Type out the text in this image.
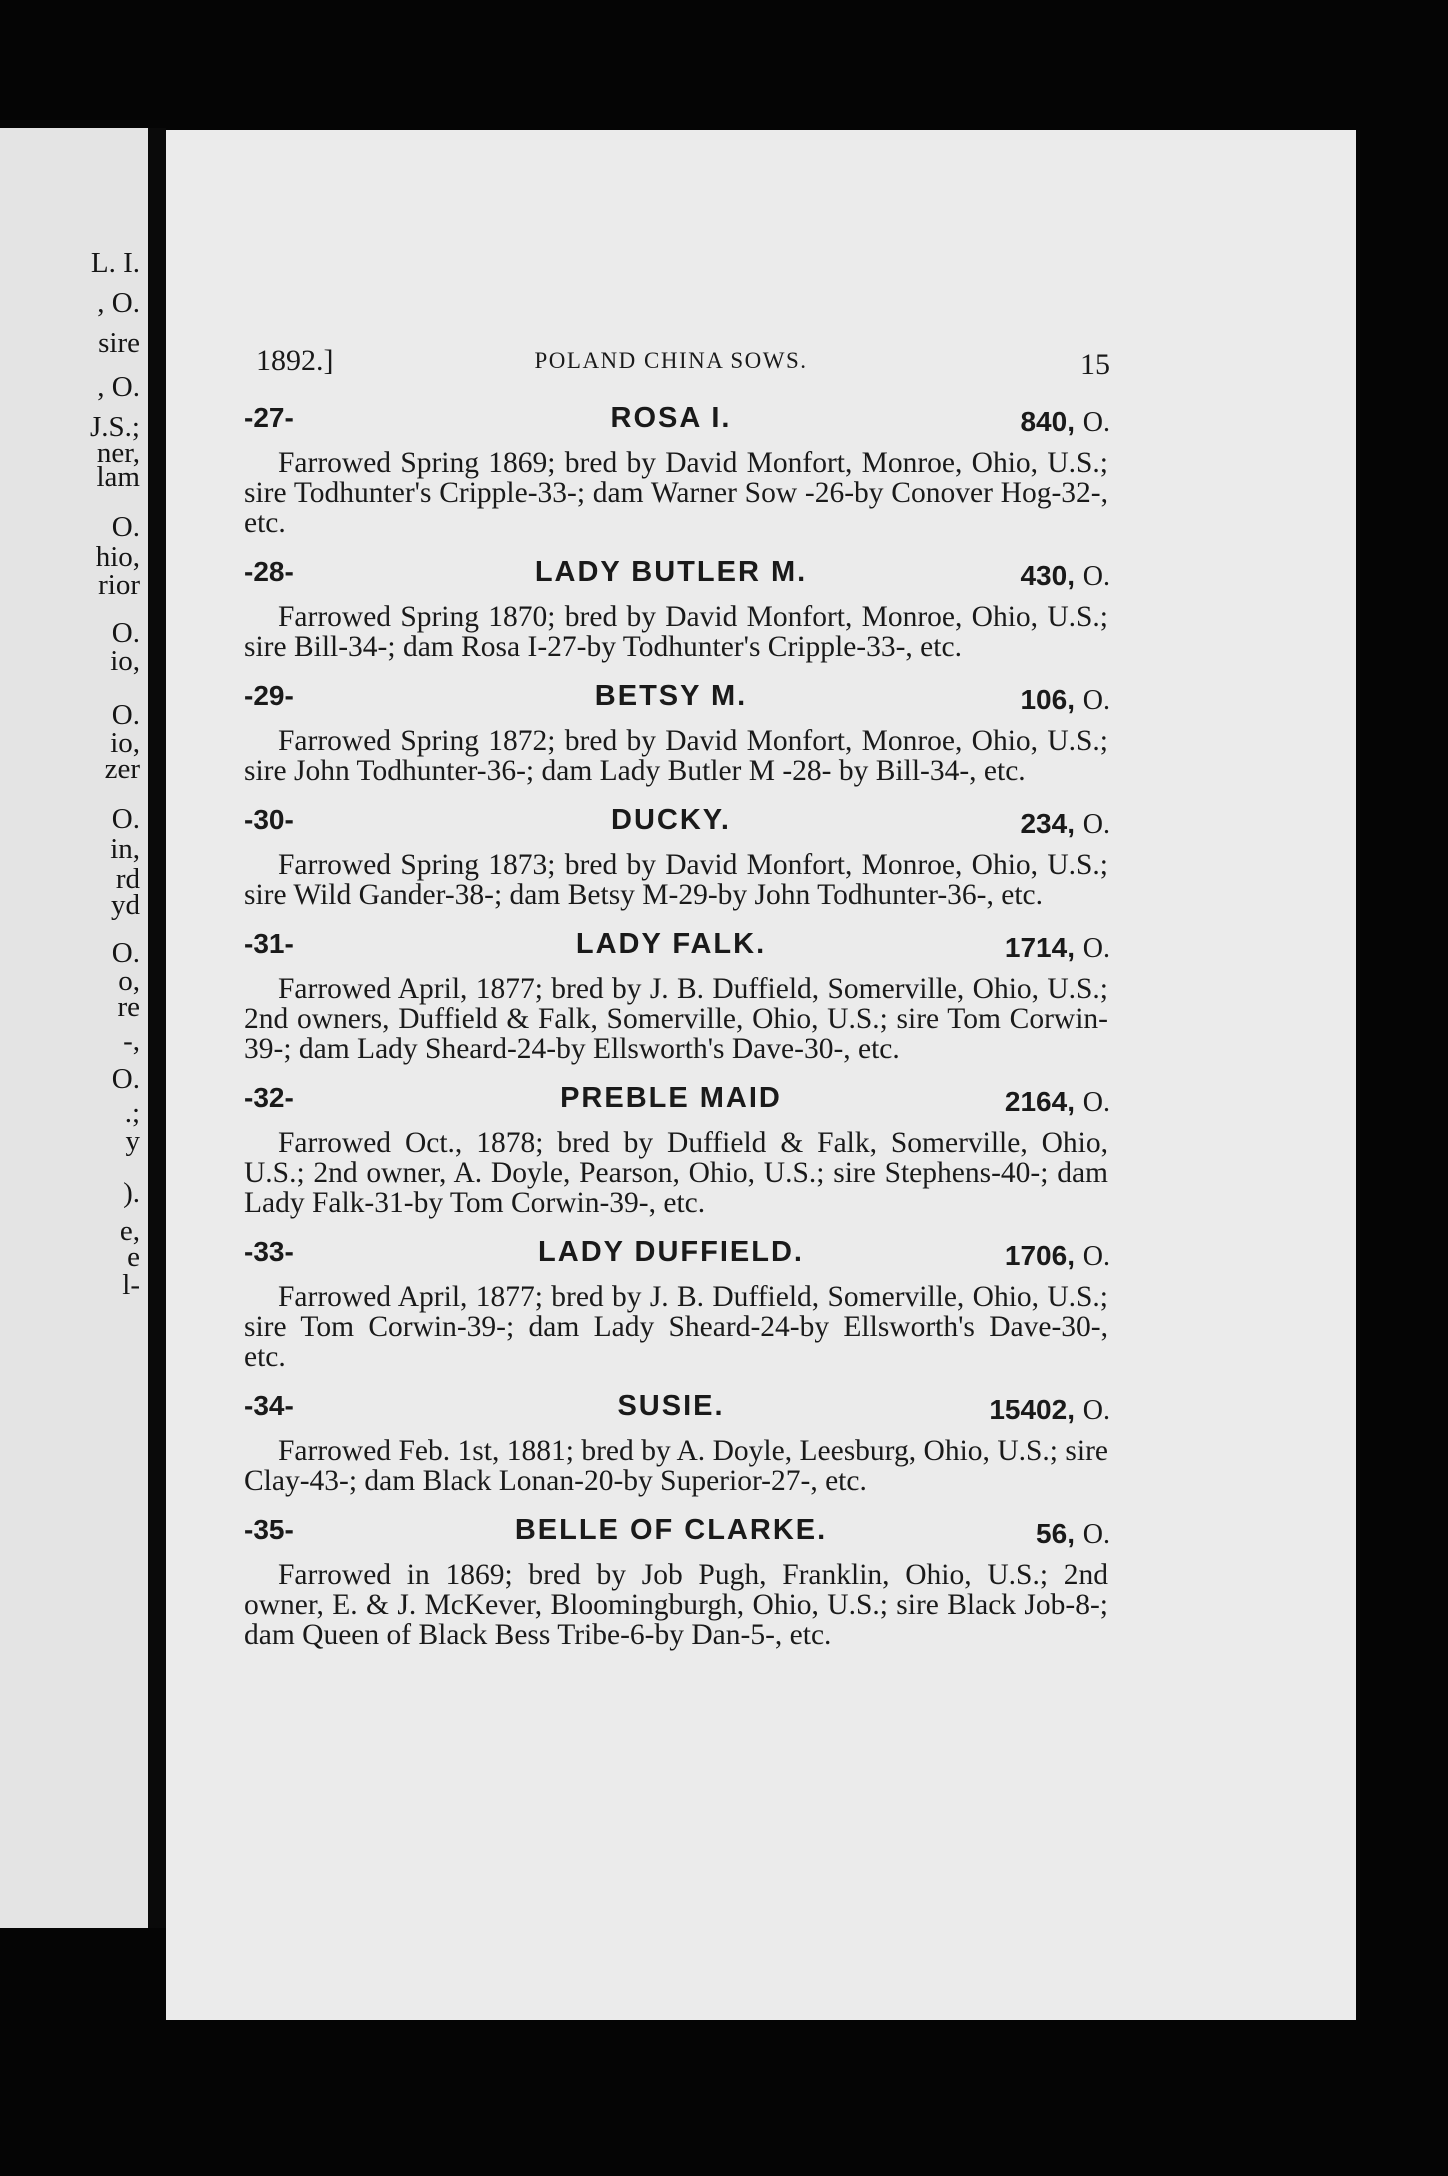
L. I.
, O.
sire
, O.
J.S.;
ner,
lam
O.
hio,
rior
O.
io,
O.
io,
zer
O.
in,
rd
yd
O.
o,
re
-,
O.
.;
y
).
e,
e
l-
1892.]	POLAND CHINA SOWS.	15
-27-	ROSA I.	840, O.
Farrowed Spring 1869; bred by David Monfort, Monroe, Ohio, U.S.; sire Todhunter's Cripple-33-; dam Warner Sow -26-by Conover Hog-32-, etc.
-28-	LADY BUTLER M.	430, O.
Farrowed Spring 1870; bred by David Monfort, Monroe, Ohio, U.S.; sire Bill-34-; dam Rosa I-27-by Todhunter's Cripple-33-, etc.
-29-	BETSY M.	106, O.
Farrowed Spring 1872; bred by David Monfort, Monroe, Ohio, U.S.; sire John Todhunter-36-; dam Lady Butler M -28- by Bill-34-, etc.
-30-	DUCKY.	234, O.
Farrowed Spring 1873; bred by David Monfort, Monroe, Ohio, U.S.; sire Wild Gander-38-; dam Betsy M-29-by John Todhunter-36-, etc.
-31-	LADY FALK.	1714, O.
Farrowed April, 1877; bred by J. B. Duffield, Somerville, Ohio, U.S.; 2nd owners, Duffield & Falk, Somerville, Ohio, U.S.; sire Tom Corwin-39-; dam Lady Sheard-24-by Ellsworth's Dave-30-, etc.
-32-	PREBLE MAID	2164, O.
Farrowed Oct., 1878; bred by Duffield & Falk, Somerville, Ohio, U.S.; 2nd owner, A. Doyle, Pearson, Ohio, U.S.; sire Stephens-40-; dam Lady Falk-31-by Tom Corwin-39-, etc.
-33-	LADY DUFFIELD.	1706, O.
Farrowed April, 1877; bred by J. B. Duffield, Somerville, Ohio, U.S.; sire Tom Corwin-39-; dam Lady Sheard-24-by Ellsworth's Dave-30-, etc.
-34-	SUSIE.	15402, O.
Farrowed Feb. 1st, 1881; bred by A. Doyle, Leesburg, Ohio, U.S.; sire Clay-43-; dam Black Lonan-20-by Superior-27-, etc.
-35-	BELLE OF CLARKE.	56, O.
Farrowed in 1869; bred by Job Pugh, Franklin, Ohio, U.S.; 2nd owner, E. & J. McKever, Bloomingburgh, Ohio, U.S.; sire Black Job-8-; dam Queen of Black Bess Tribe-6-by Dan-5-, etc.
